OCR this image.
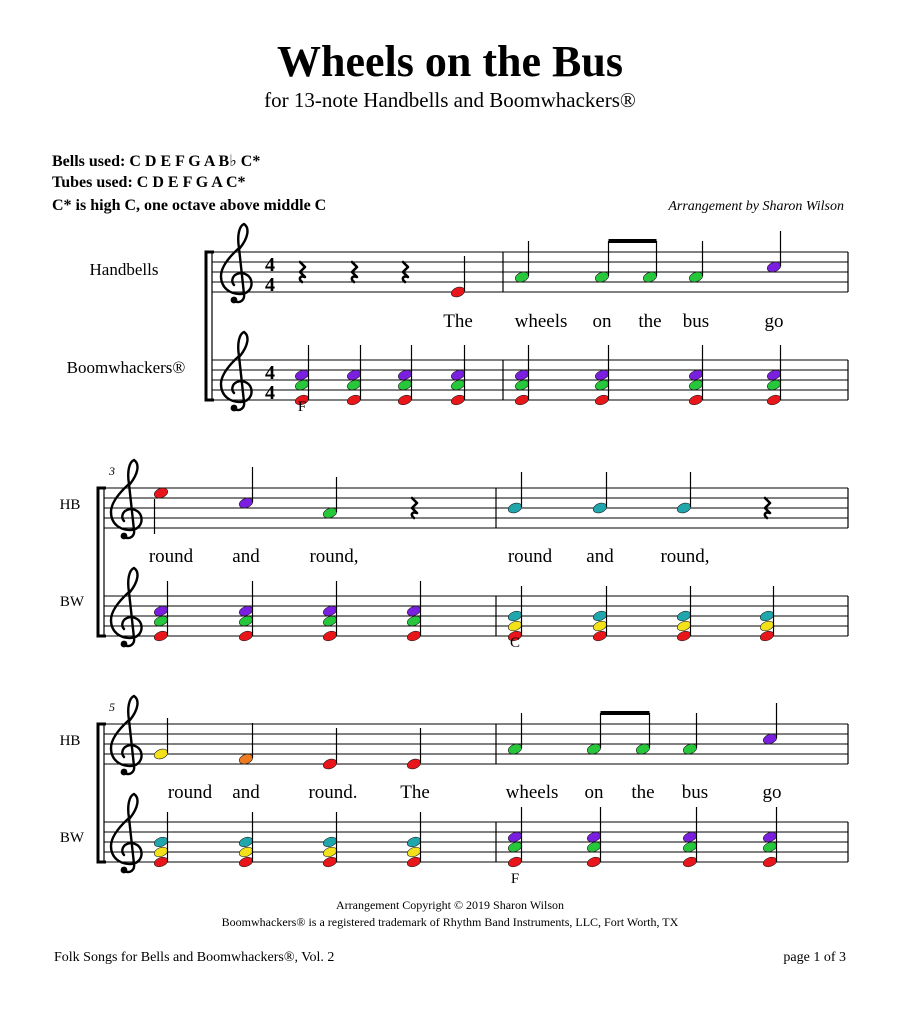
Wheels on the Bus
for 13-note Handbells and Boomwhackers®
Bells used: C D E F G A B♭ C*
Tubes used: C D E F G A C*
C* is high C, one octave above middle C	Arrangement by Sharon Wilson
4
4
4
4
Handbells
Boomwhackers®
The wheels on the bus	go
F
3
HB
BW
round and	round,	round and round,
C
5
HB
BW
round and	round. The	wheels on the bus	go
F
Arrangement Copyright © 2019 Sharon Wilson
Boomwhackers® is a registered trademark of Rhythm Band Instruments, LLC, Fort Worth, TX
Folk Songs for Bells and Boomwhackers®, Vol. 2	page 1 of 3
